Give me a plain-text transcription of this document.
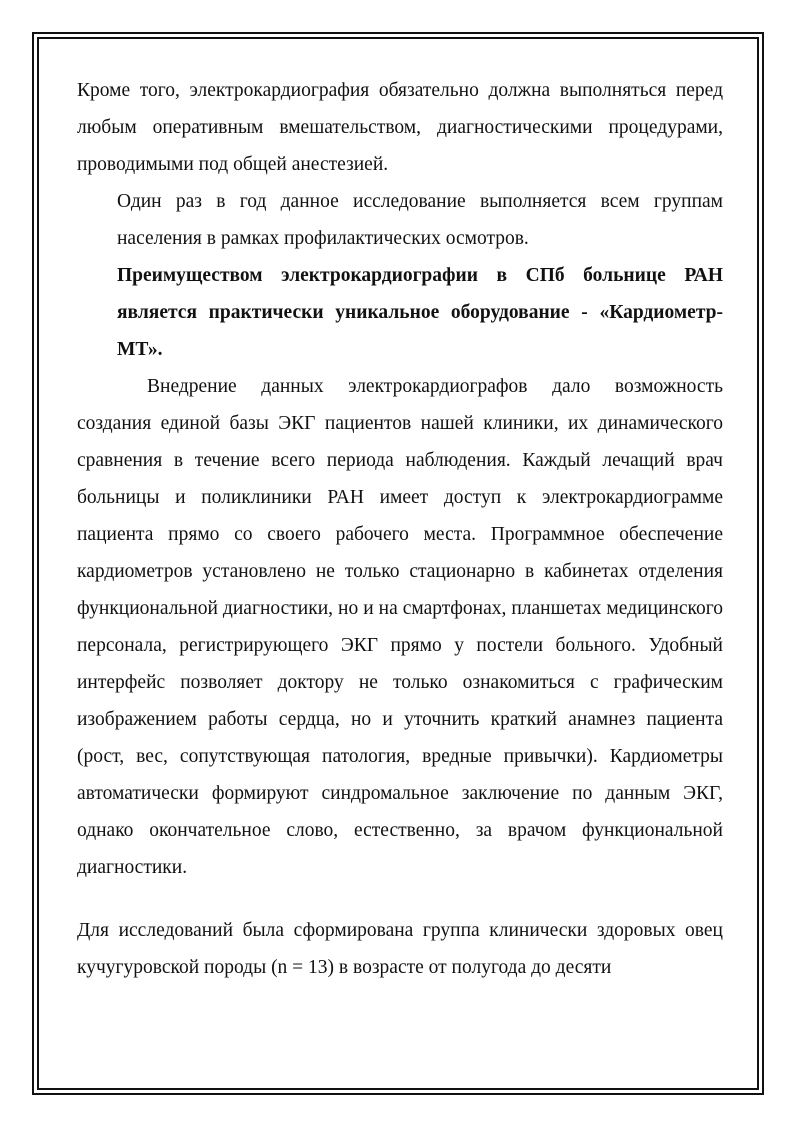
Кроме того, электрокардиография обязательно должна выполняться перед любым оперативным вмешательством, диагностическими процедурами, проводимыми под общей анестезией.

Один раз в год данное исследование выполняется всем группам населения в рамках профилактических осмотров.

Преимуществом электрокардиографии в СПб больнице РАН является практически уникальное оборудование - «Кардиометр-МТ».

Внедрение данных электрокардиографов дало возможность создания единой базы ЭКГ пациентов нашей клиники, их динамического сравнения в течение всего периода наблюдения. Каждый лечащий врач больницы и поликлиники РАН имеет доступ к электрокардиограмме пациента прямо со своего рабочего места. Программное обеспечение кардиометров установлено не только стационарно в кабинетах отделения функциональной диагностики, но и на смартфонах, планшетах медицинского персонала, регистрирующего ЭКГ прямо у постели больного. Удобный интерфейс позволяет доктору не только ознакомиться с графическим изображением работы сердца, но и уточнить краткий анамнез пациента (рост, вес, сопутствующая патология, вредные привычки). Кардиометры автоматически формируют синдромальное заключение по данным ЭКГ, однако окончательное слово, естественно, за врачом функциональной диагностики.

Для исследований была сформирована группа клинически здоровых овец кучугуровской породы (n = 13) в возрасте от полугода до десяти
